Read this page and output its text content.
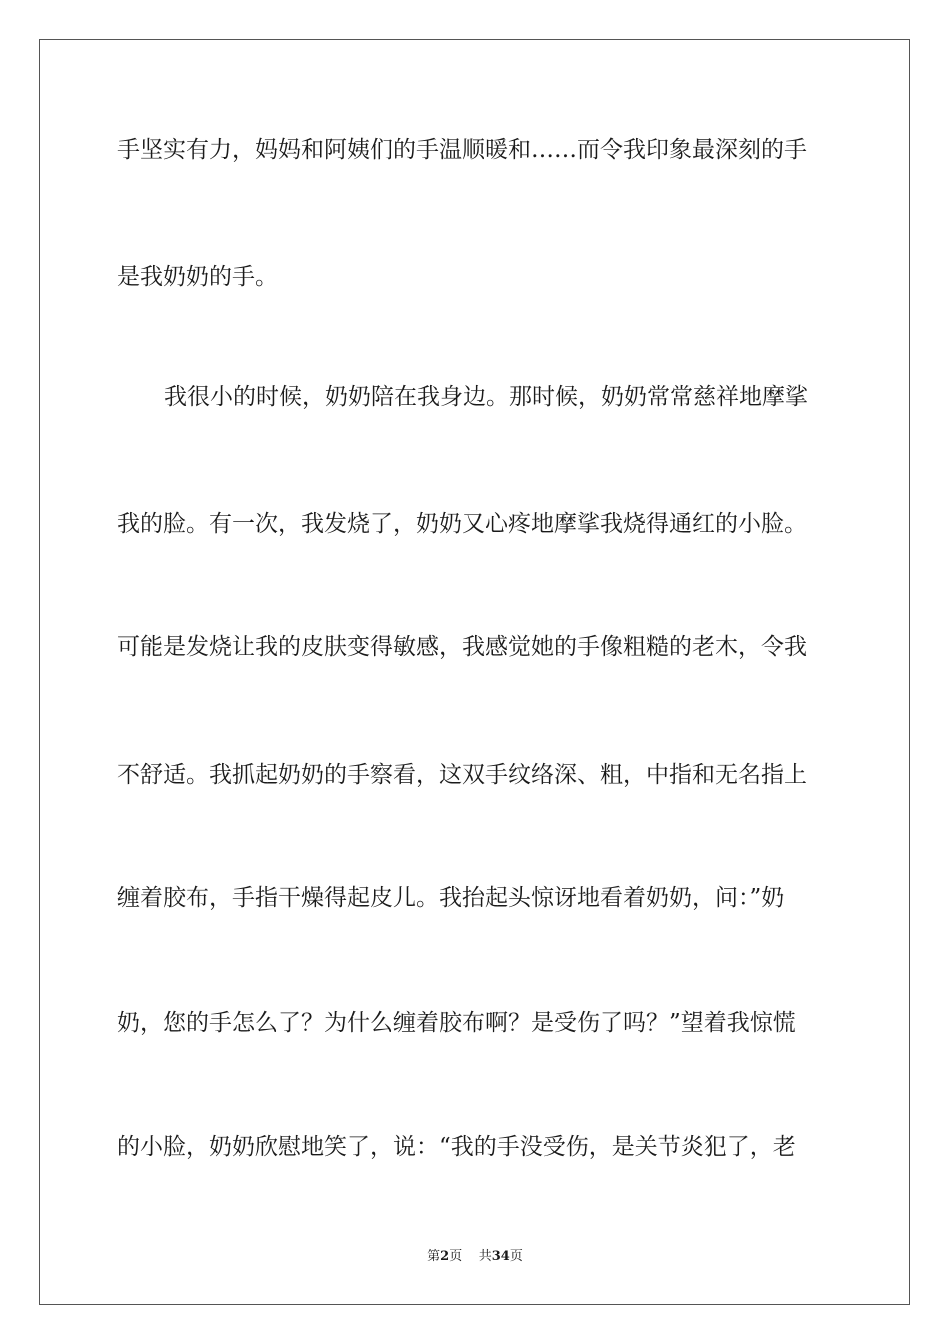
手坚实有力，妈妈和阿姨们的手温顺暖和……而令我印象最深刻的手
是我奶奶的手。
我很小的时候，奶奶陪在我身边。那时候，奶奶常常慈祥地摩挲
我的脸。有一次，我发烧了，奶奶又心疼地摩挲我烧得通红的小脸。
可能是发烧让我的皮肤变得敏感，我感觉她的手像粗糙的老木，令我
不舒适。我抓起奶奶的手察看，这双手纹络深、粗，中指和无名指上
缠着胶布，手指干燥得起皮儿。我抬起头惊讶地看着奶奶，问：”奶
奶，您的手怎么了？为什么缠着胶布啊？是受伤了吗？”望着我惊慌
的小脸，奶奶欣慰地笑了，说：“我的手没受伤，是关节炎犯了，老
第2页 共34页
